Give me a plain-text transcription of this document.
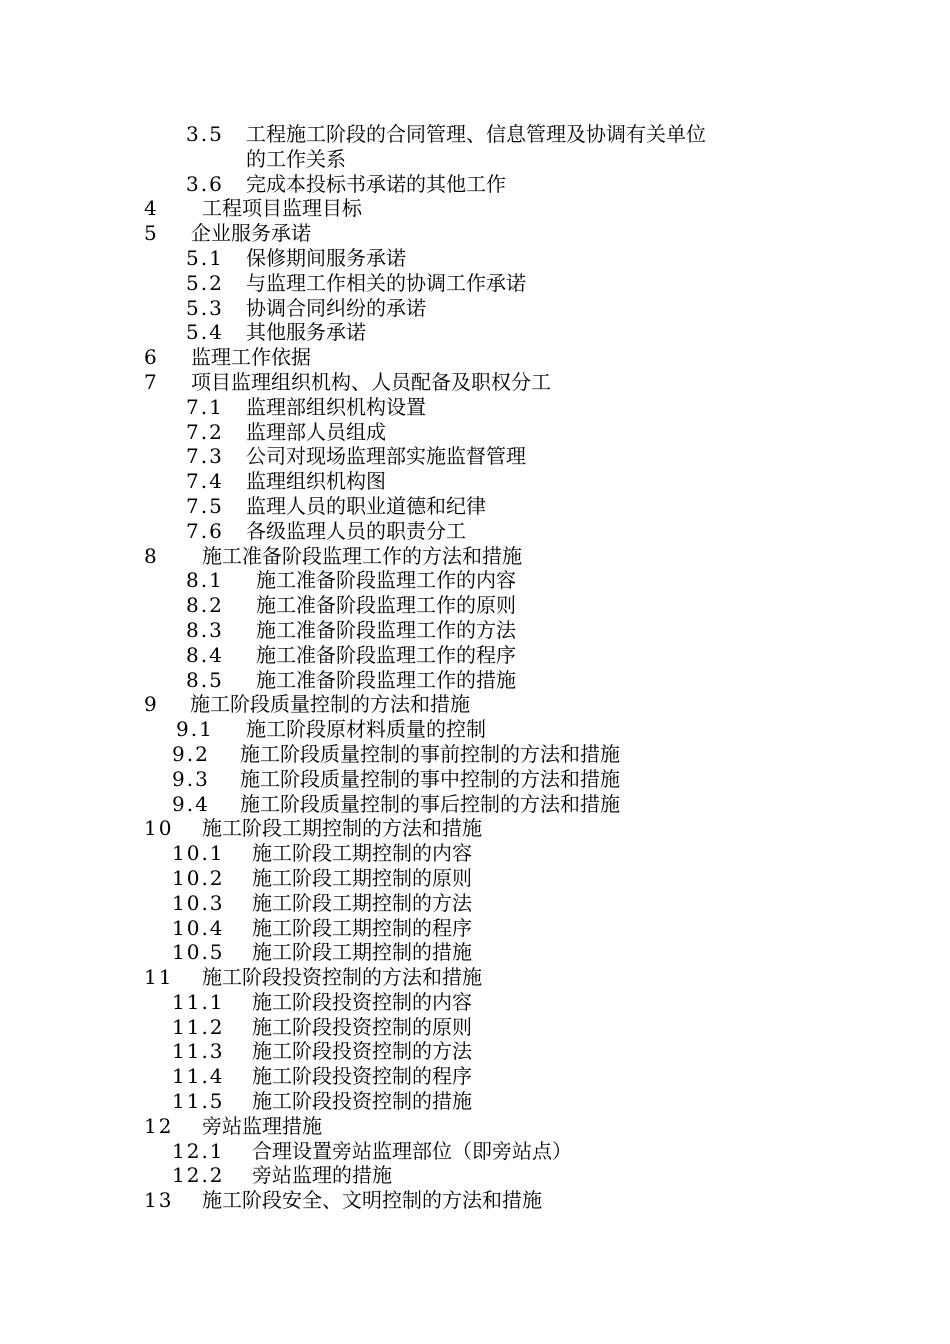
3.5 工程施工阶段的合同管理、信息管理及协调有关单位
的工作关系
3.6 完成本投标书承诺的其他工作
4 工程项目监理目标
5 企业服务承诺
5.1 保修期间服务承诺
5.2 与监理工作相关的协调工作承诺
5.3 协调合同纠纷的承诺
5.4 其他服务承诺
6 监理工作依据
7 项目监理组织机构、人员配备及职权分工
7.1 监理部组织机构设置
7.2 监理部人员组成
7.3 公司对现场监理部实施监督管理
7.4 监理组织机构图
7.5 监理人员的职业道德和纪律
7.6 各级监理人员的职责分工
8 施工准备阶段监理工作的方法和措施
8.1 施工准备阶段监理工作的内容
8.2 施工准备阶段监理工作的原则
8.3 施工准备阶段监理工作的方法
8.4 施工准备阶段监理工作的程序
8.5 施工准备阶段监理工作的措施
9 施工阶段质量控制的方法和措施
9.1 施工阶段原材料质量的控制
9.2 施工阶段质量控制的事前控制的方法和措施
9.3 施工阶段质量控制的事中控制的方法和措施
9.4 施工阶段质量控制的事后控制的方法和措施
10 施工阶段工期控制的方法和措施
10.1 施工阶段工期控制的内容
10.2 施工阶段工期控制的原则
10.3 施工阶段工期控制的方法
10.4 施工阶段工期控制的程序
10.5 施工阶段工期控制的措施
11 施工阶段投资控制的方法和措施
11.1 施工阶段投资控制的内容
11.2 施工阶段投资控制的原则
11.3 施工阶段投资控制的方法
11.4 施工阶段投资控制的程序
11.5 施工阶段投资控制的措施
12 旁站监理措施
12.1 合理设置旁站监理部位（即旁站点）
12.2 旁站监理的措施
13 施工阶段安全、文明控制的方法和措施
